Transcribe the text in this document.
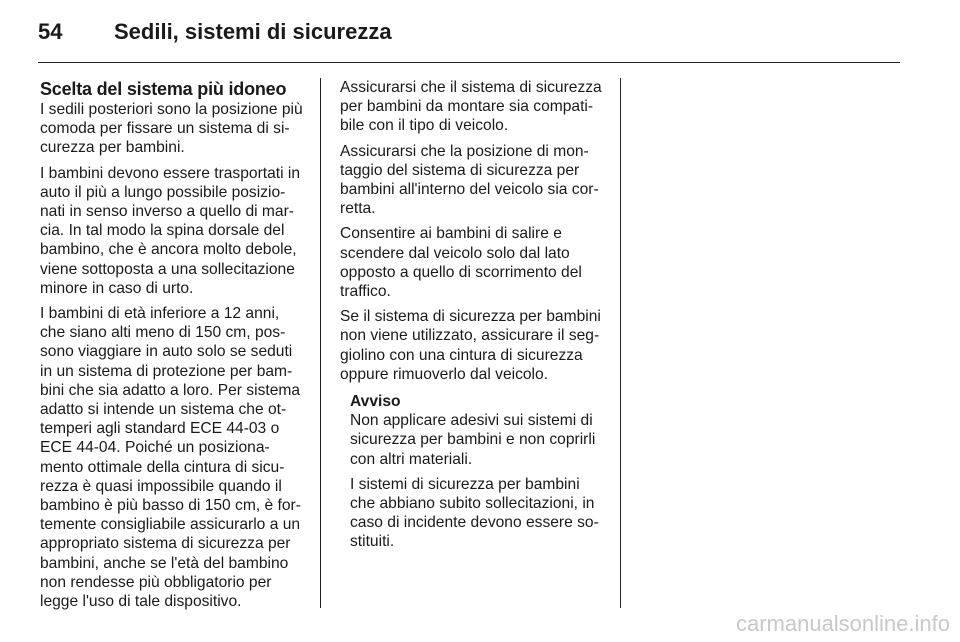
54 Sedili, sistemi di sicurezza
Scelta del sistema più idoneo

I sedili posteriori sono la posizione più comoda per fissare un sistema di si-curezza per bambini.

I bambini devono essere trasportati in auto il più a lungo possibile posizio-nati in senso inverso a quello di mar-cia. In tal modo la spina dorsale del bambino, che è ancora molto debole, viene sottoposta a una sollecitazione minore in caso di urto.

I bambini di età inferiore a 12 anni, che siano alti meno di 150 cm, pos-sono viaggiare in auto solo se seduti in un sistema di protezione per bam-bini che sia adatto a loro. Per sistema adatto si intende un sistema che ot-temperi agli standard ECE 44-03 o ECE 44-04. Poiché un posiziona-mento ottimale della cintura di sicu-rezza è quasi impossibile quando il bambino è più basso di 150 cm, è for-temente consigliabile assicurarlo a un appropriato sistema di sicurezza per bambini, anche se l'età del bambino non rendesse più obbligatorio per legge l'uso di tale dispositivo.

Assicurarsi che il sistema di sicurezza per bambini da montare sia compati-bile con il tipo di veicolo.

Assicurarsi che la posizione di mon-taggio del sistema di sicurezza per bambini all'interno del veicolo sia cor-retta.

Consentire ai bambini di salire e scendere dal veicolo solo dal lato opposto a quello di scorrimento del traffico.

Se il sistema di sicurezza per bambini non viene utilizzato, assicurare il seg-giolino con una cintura di sicurezza oppure rimuoverlo dal veicolo.

Avviso

Non applicare adesivi sui sistemi di sicurezza per bambini e non coprirli con altri materiali.

I sistemi di sicurezza per bambini che abbiano subito sollecitazioni, in caso di incidente devono essere so-stituiti.

carmanualsonline.info
